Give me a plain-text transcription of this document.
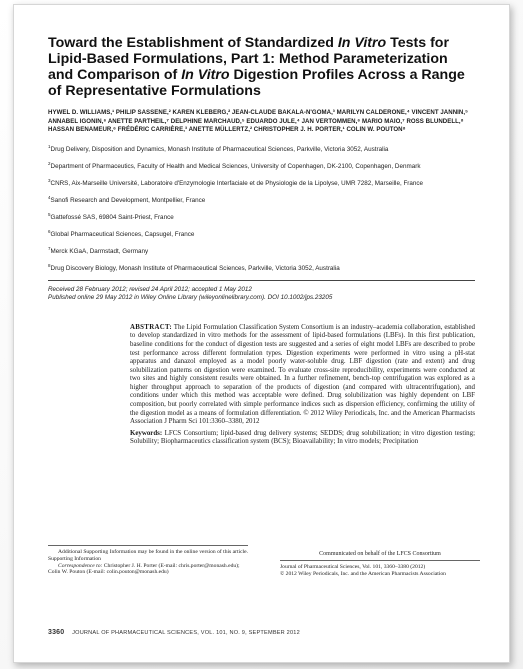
Toward the Establishment of Standardized In Vitro Tests for Lipid-Based Formulations, Part 1: Method Parameterization and Comparison of In Vitro Digestion Profiles Across a Range of Representative Formulations
HYWEL D. WILLIAMS,¹ PHILIP SASSENE,² KAREN KLEBERG,² JEAN-CLAUDE BAKALA-N'GOMA,³ MARILYN CALDERONE,⁴ VINCENT JANNIN,⁵ ANNABEL IGONIN,⁶ ANETTE PARTHEIL,⁷ DELPHINE MARCHAUD,⁵ EDUARDO JULE,⁴ JAN VERTOMMEN,⁶ MARIO MAIO,⁷ ROSS BLUNDELL,⁸ HASSAN BENAMEUR,⁶ FRÉDÉRIC CARRIÈRE,³ ANETTE MÜLLERTZ,² CHRISTOPHER J. H. PORTER,¹ COLIN W. POUTON⁸
$^1$Drug Delivery, Disposition and Dynamics, Monash Institute of Pharmaceutical Sciences, Parkville, Victoria 3052, Australia
$^2$Department of Pharmaceutics, Faculty of Health and Medical Sciences, University of Copenhagen, DK-2100, Copenhagen, Denmark
$^3$CNRS, Aix-Marseille Université, Laboratoire d'Enzymologie Interfaciale et de Physiologie de la Lipolyse, UMR 7282, Marseille, France
$^4$Sanofi Research and Development, Montpellier, France
$^5$Gattefossé SAS, 69804 Saint-Priest, France
$^6$Global Pharmaceutical Sciences, Capsugel, France
$^7$Merck KGaA, Darmstadt, Germany
$^8$Drug Discovery Biology, Monash Institute of Pharmaceutical Sciences, Parkville, Victoria 3052, Australia
Received 28 February 2012; revised 24 April 2012; accepted 1 May 2012
Published online 29 May 2012 in Wiley Online Library (wileyonlinelibrary.com). DOI 10.1002/jps.23205
ABSTRACT: The Lipid Formulation Classification System Consortium is an industry–academia collaboration, established to develop standardized in vitro methods for the assessment of lipid-based formulations (LBFs). In this first publication, baseline conditions for the conduct of digestion tests are suggested and a series of eight model LBFs are described to probe test performance across different formulation types. Digestion experiments were performed in vitro using a pH-stat apparatus and danazol employed as a model poorly water-soluble drug. LBF digestion (rate and extent) and drug solubilization patterns on digestion were examined. To evaluate cross-site reproducibility, experiments were conducted at two sites and highly consistent results were obtained. In a further refinement, bench-top centrifugation was explored as a higher throughput approach to separation of the products of digestion (and compared with ultracentrifugation), and conditions under which this method was acceptable were defined. Drug solubilization was highly dependent on LBF composition, but poorly correlated with simple performance indices such as dispersion efficiency, confirming the utility of the digestion model as a means of formulation differentiation. © 2012 Wiley Periodicals, Inc. and the American Pharmacists Association J Pharm Sci 101:3360–3380, 2012
Keywords: LFCS Consortium; lipid-based drug delivery systems; SEDDS; drug solubilization; in vitro digestion testing; Solubility; Biopharmaceutics classification system (BCS); Bioavailability; In vitro models; Precipitation
Additional Supporting Information may be found in the online version of this article. Supporting Information
Correspondence to: Christopher J. H. Porter (E-mail: chris.porter@monash.edu); Colin W. Pouton (E-mail: colin.pouton@monash.edu)
Communicated on behalf of the LFCS Consortium
Journal of Pharmaceutical Sciences, Vol. 101, 3360–3380 (2012)
© 2012 Wiley Periodicals, Inc. and the American Pharmacists Association
3360 JOURNAL OF PHARMACEUTICAL SCIENCES, VOL. 101, NO. 9, SEPTEMBER 2012
